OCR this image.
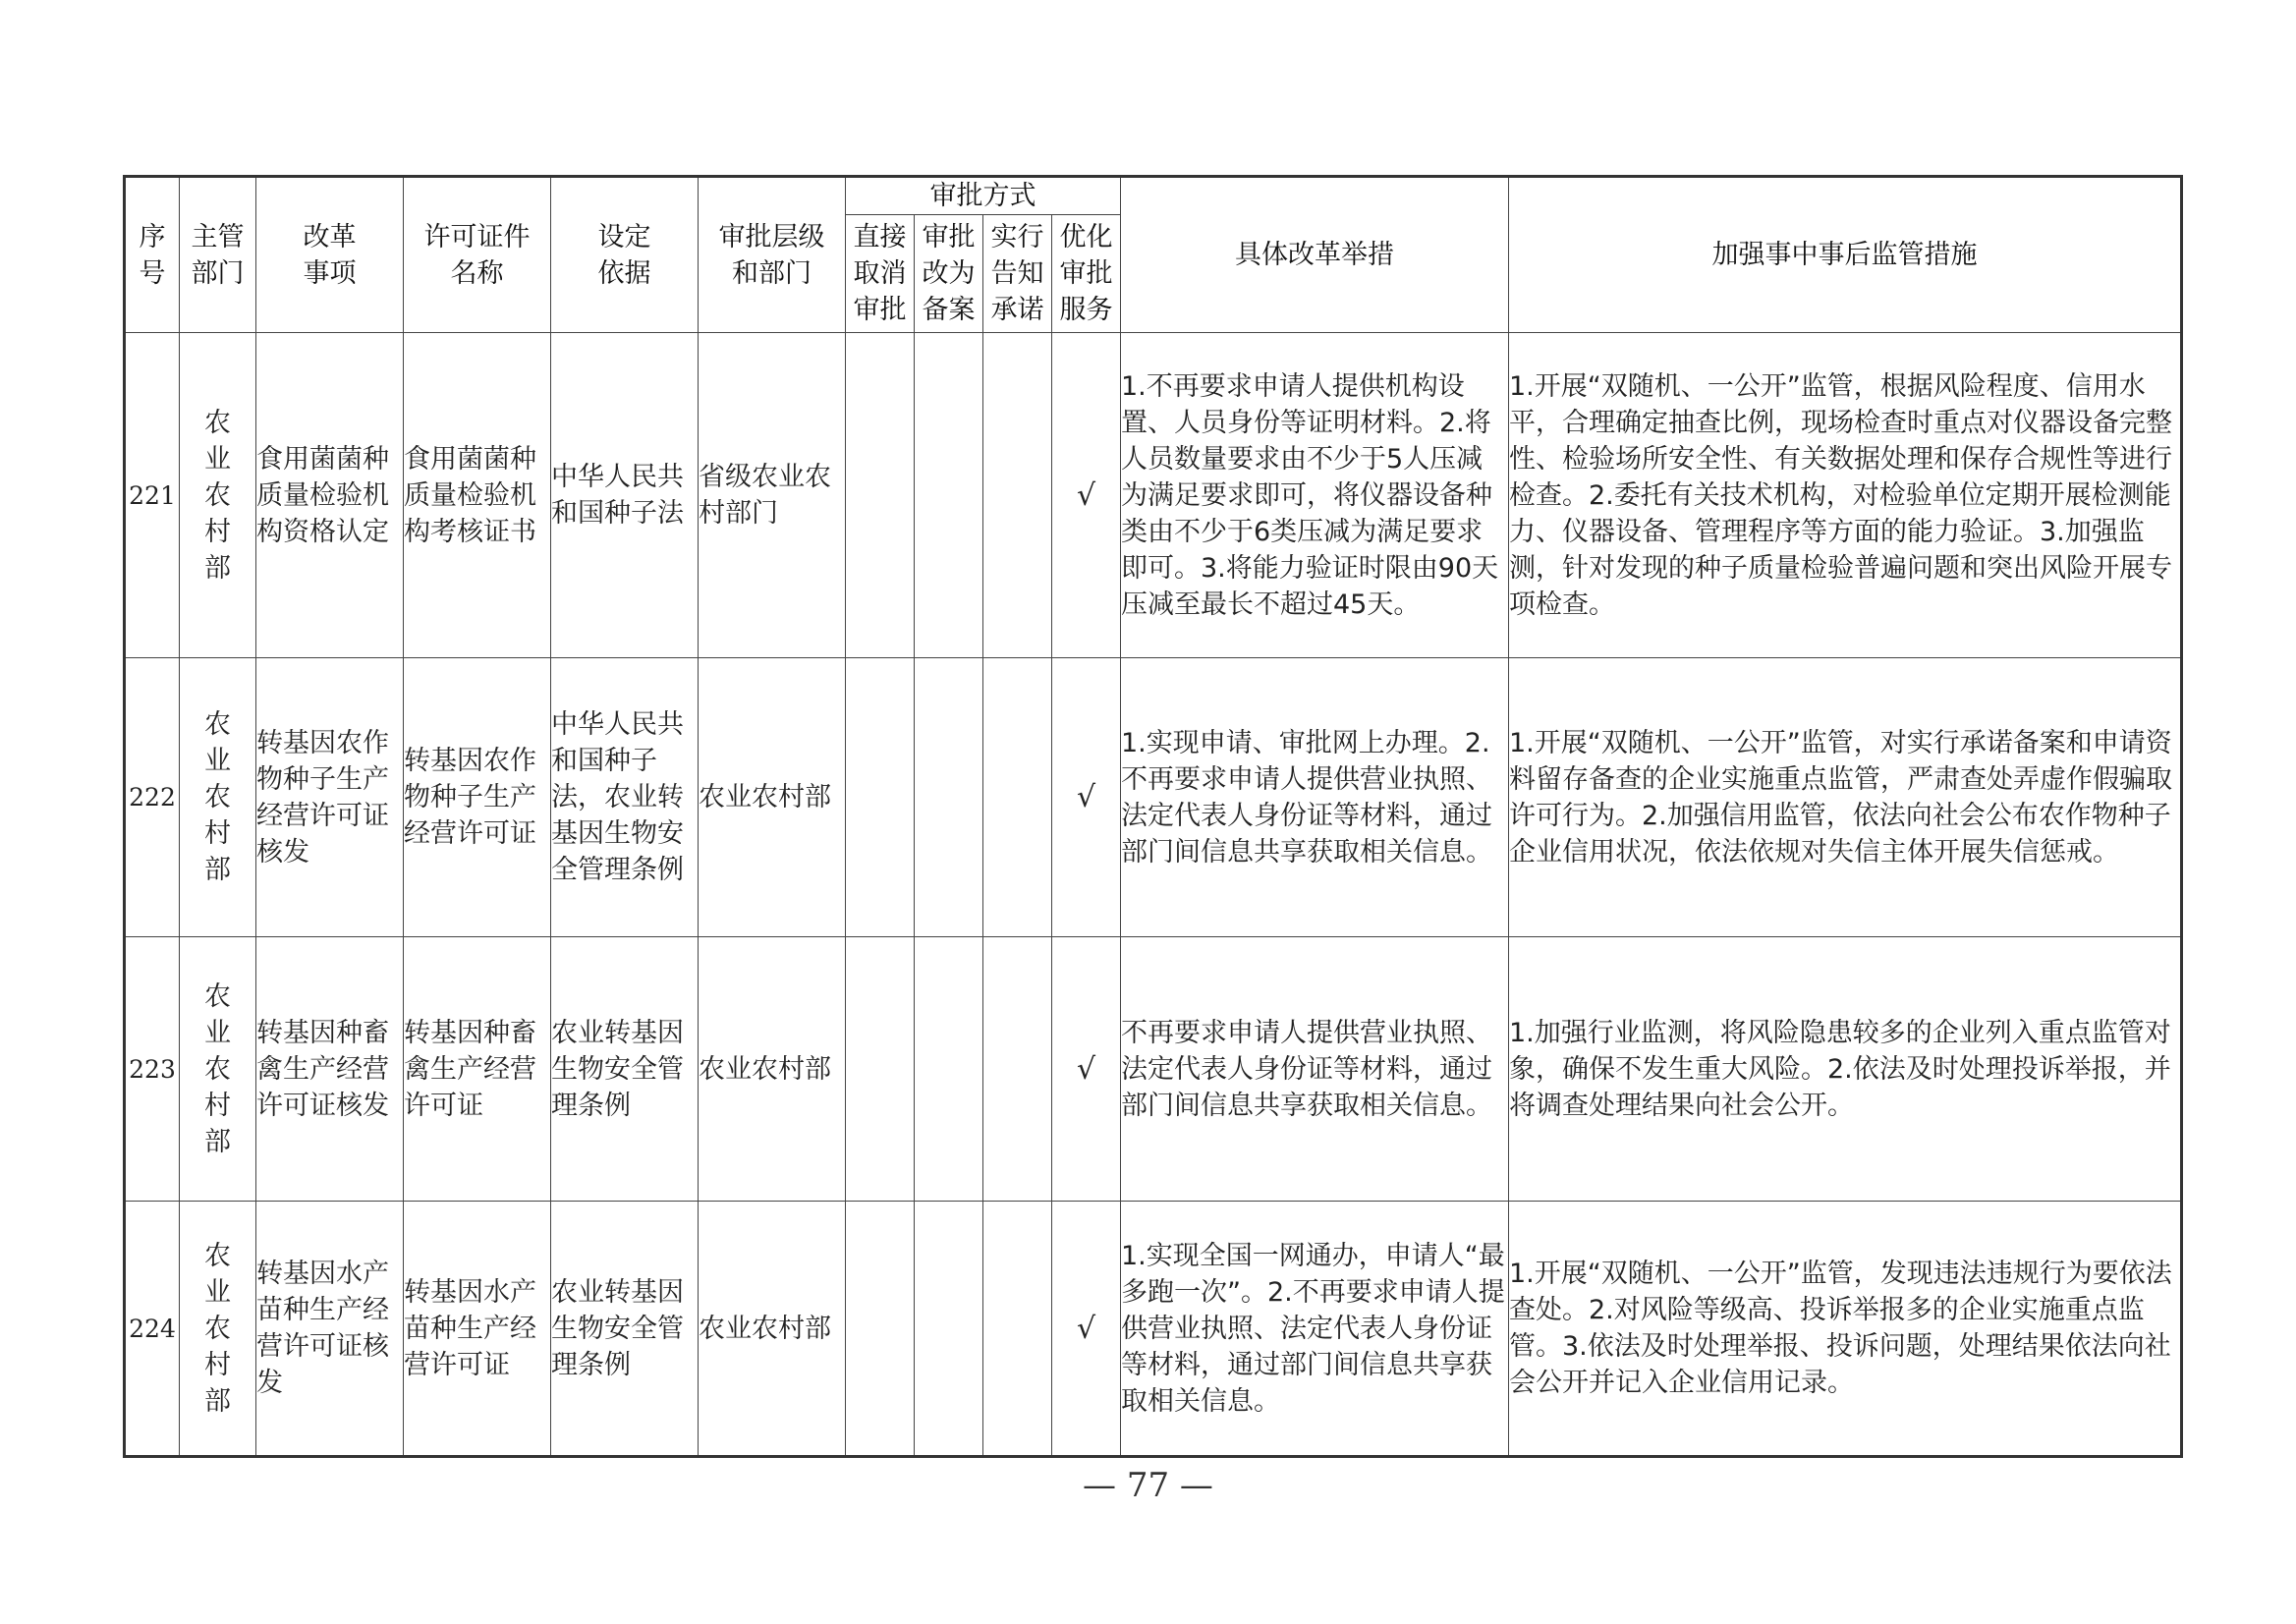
序号	主管部门	改革事项	许可证件名称	设定依据	审批层级和部门	审批方式				具体改革举措	加强事中事后监管措施
						直接取消审批	审批改为备案	实行告知承诺	优化审批服务		
221	农业农村部	食用菌菌种质量检验机构资格认定	食用菌菌种质量检验机构考核证书	中华人民共和国种子法	省级农业农村部门				√	1.不再要求申请人提供机构设置、人员身份等证明材料。2.将人员数量要求由不少于5人压减为满足要求即可，将仪器设备种类由不少于6类压减为满足要求即可。3.将能力验证时限由90天压减至最长不超过45天。	1.开展“双随机、一公开”监管，根据风险程度、信用水平，合理确定抽查比例，现场检查时重点对仪器设备完整性、检验场所安全性、有关数据处理和保存合规性等进行检查。2.委托有关技术机构，对检验单位定期开展检测能力、仪器设备、管理程序等方面的能力验证。3.加强监测，针对发现的种子质量检验普遍问题和突出风险开展专项检查。
222	农业农村部	转基因农作物种子生产经营许可证核发	转基因农作物种子生产经营许可证	中华人民共和国种子法，农业转基因生物安全管理条例	农业农村部				√	1.实现申请、审批网上办理。2.不再要求申请人提供营业执照、法定代表人身份证等材料，通过部门间信息共享获取相关信息。	1.开展“双随机、一公开”监管，对实行承诺备案和申请资料留存备查的企业实施重点监管，严肃查处弄虚作假骗取许可行为。2.加强信用监管，依法向社会公布农作物种子企业信用状况，依法依规对失信主体开展失信惩戒。
223	农业农村部	转基因种畜禽生产经营许可证核发	转基因种畜禽生产经营许可证	农业转基因生物安全管理条例	农业农村部				√	不再要求申请人提供营业执照、法定代表人身份证等材料，通过部门间信息共享获取相关信息。	1.加强行业监测，将风险隐患较多的企业列入重点监管对象，确保不发生重大风险。2.依法及时处理投诉举报，并将调查处理结果向社会公开。
224	农业农村部	转基因水产苗种生产经营许可证核发	转基因水产苗种生产经营许可证	农业转基因生物安全管理条例	农业农村部				√	1.实现全国一网通办，申请人“最多跑一次”。2.不再要求申请人提供营业执照、法定代表人身份证等材料，通过部门间信息共享获取相关信息。	1.开展“双随机、一公开”监管，发现违法违规行为要依法查处。2.对风险等级高、投诉举报多的企业实施重点监管。3.依法及时处理举报、投诉问题，处理结果依法向社会公开并记入企业信用记录。
— 77 —
